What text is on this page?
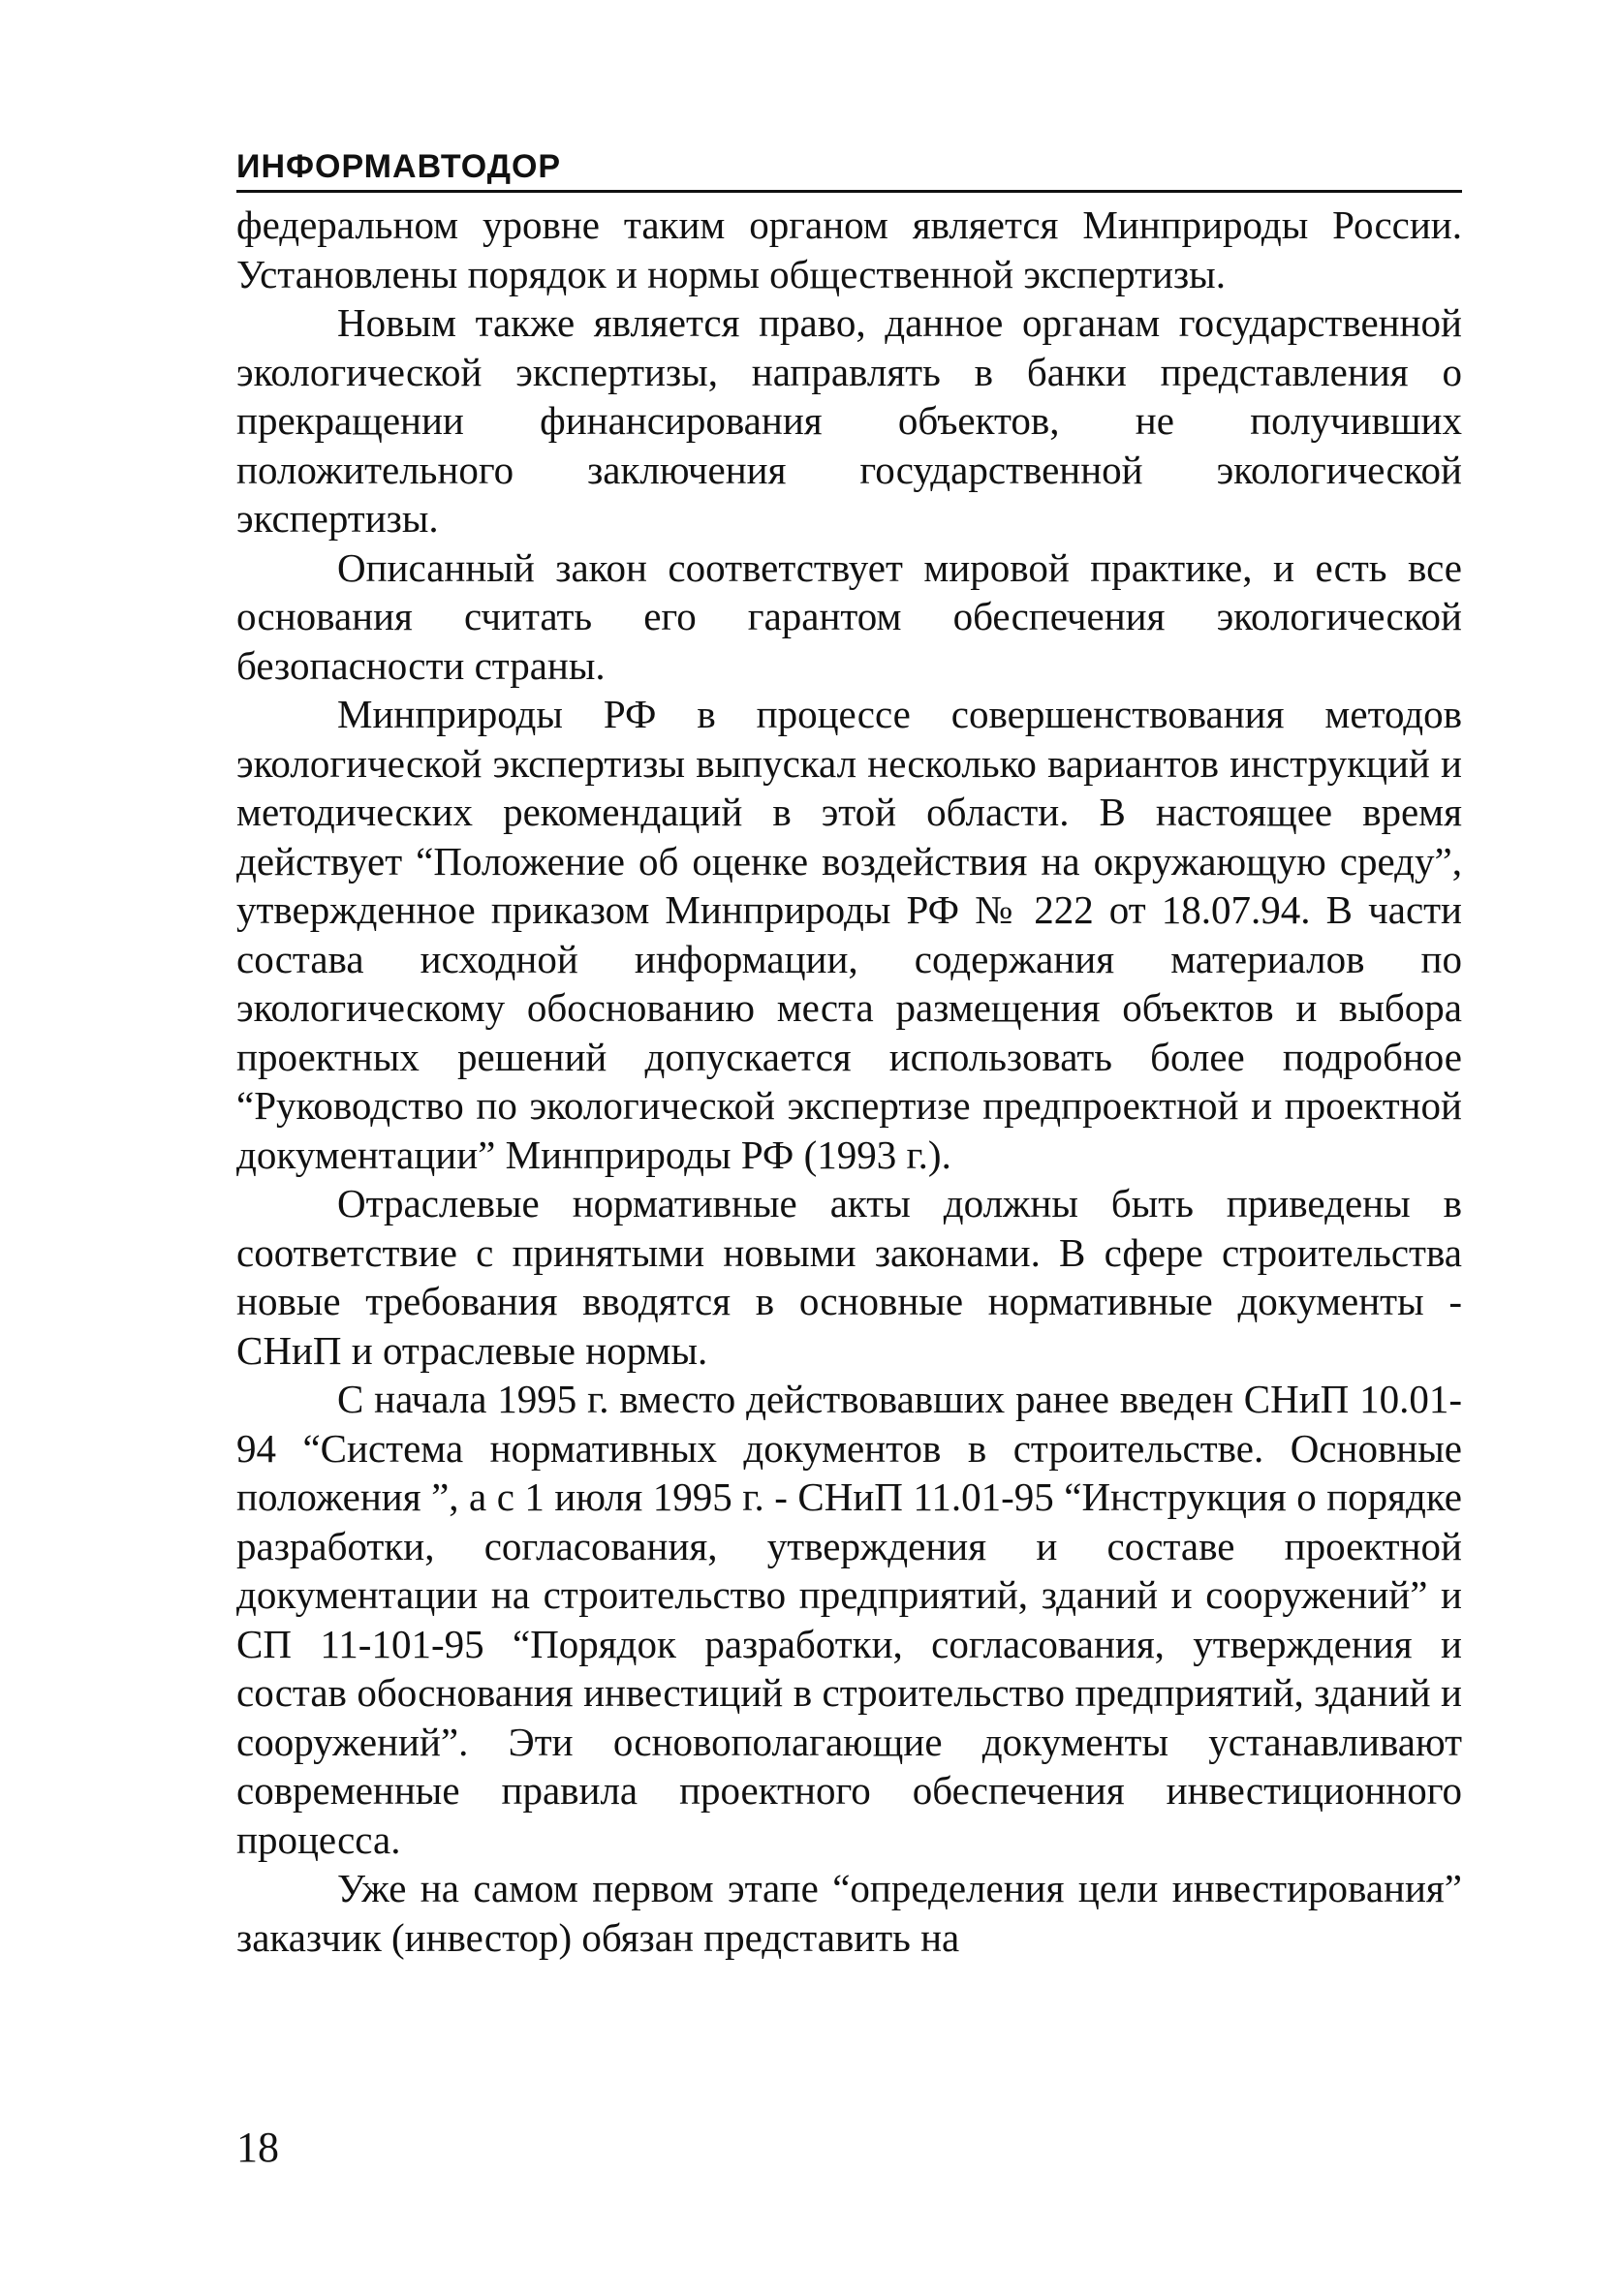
ИНФОРМАВТОДОР

федеральном уровне таким органом является Минприроды России. Установлены порядок и нормы общественной экспертизы.

Новым также является право, данное органам государственной экологической экспертизы, направлять в банки представления о прекращении финансирования объектов, не получивших положительного заключения государственной экологической экспертизы.

Описанный закон соответствует мировой практике, и есть все основания считать его гарантом обеспечения экологической безопасности страны.

Минприроды РФ в процессе совершенствования методов экологической экспертизы выпускал несколько вариантов инструкций и методических рекомендаций в этой области. В настоящее время действует “Положение об оценке воздействия на окружающую среду”, утвержденное приказом Минприроды РФ № 222 от 18.07.94. В части состава исходной информации, содержания материалов по экологическому обоснованию места размещения объектов и выбора проектных решений допускается использовать более подробное “Руководство по экологической экспертизе предпроектной и проектной документации” Минприроды РФ (1993 г.).

Отраслевые нормативные акты должны быть приведены в соответствие с принятыми новыми законами. В сфере строительства новые требования вводятся в основные нормативные документы - СНиП и отраслевые нормы.

С начала 1995 г. вместо действовавших ранее введен СНиП 10.01-94 “Система нормативных документов в строительстве. Основные положения ”, а с 1 июля 1995 г. - СНиП 11.01-95 “Инструкция о порядке разработки, согласования, утверждения и составе проектной документации на строительство предприятий, зданий и сооружений” и СП 11-101-95 “Порядок разработки, согласования, утверждения и состав обоснования инвестиций в строительство предприятий, зданий и сооружений”. Эти основополагающие документы устанавливают современные правила проектного обеспечения инвестиционного процесса.

Уже на самом первом этапе “определения цели инвестирования” заказчик (инвестор) обязан представить на

18
